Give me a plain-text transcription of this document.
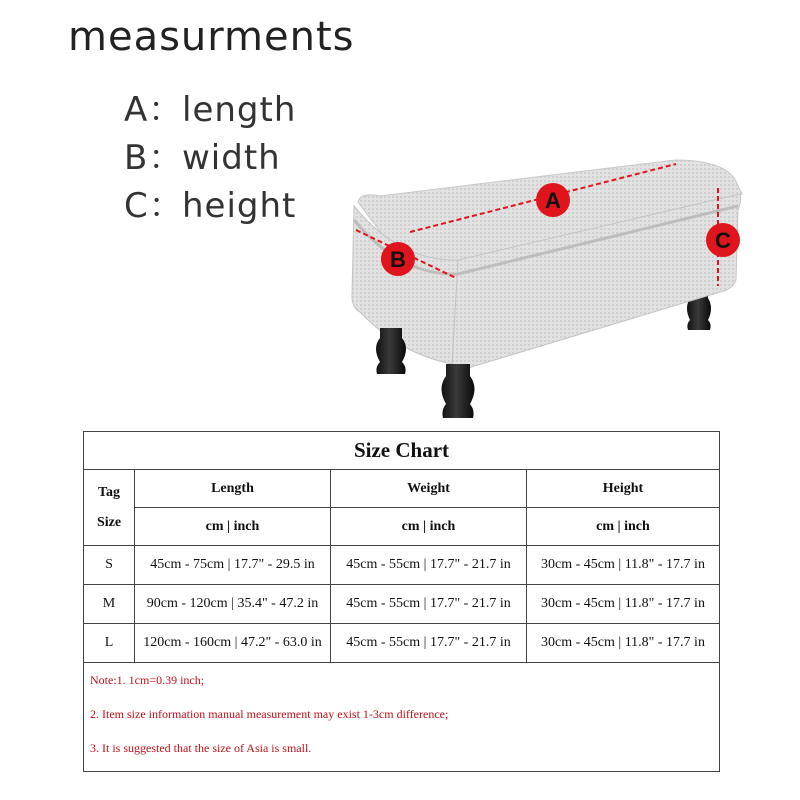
measurments
A：length
B：width
C：height	A
B
C
Size Chart			

Tag
Size	Length	Weight	Height
	cm | inch	cm | inch	cm | inch
S	45cm - 75cm | 17.7" - 29.5 in	45cm - 55cm | 17.7" - 21.7 in	30cm - 45cm | 11.8" - 17.7 in
M	90cm - 120cm | 35.4" - 47.2 in	45cm - 55cm | 17.7" - 21.7 in	30cm - 45cm | 11.8" - 17.7 in
L	120cm - 160cm | 47.2" - 63.0 in	45cm - 55cm | 17.7" - 21.7 in	30cm - 45cm | 11.8" - 17.7 in

Note:1. 1cm=0.39 inch;
2. Item size information manual measurement may exist 1-3cm difference;
3. It is suggested that the size of Asia is small.			
